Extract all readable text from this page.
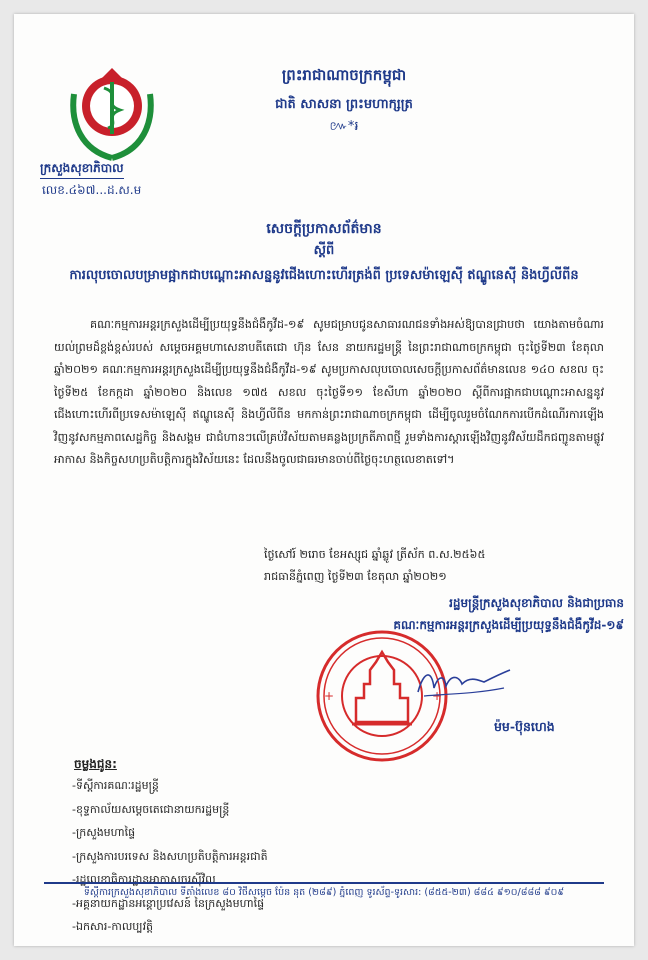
ក្រសួងសុខាភិបាល
លេខ.៤៦៧...ដ.ស.ម
ព្រះរាជាណាចក្រកម្ពុជា
ជាតិ សាសនា ព្រះមហាក្សត្រ
៚*៛
សេចក្តីប្រកាសព័ត៌មាន
ស្តីពី
ការលុបចោលបម្រាមផ្អាកជាបណ្ដោះអាសន្ននូវជើងហោះហើរត្រង់ពី ប្រទេសម៉ាឡេស៊ី ឥណ្ឌូនេស៊ី និងហ្វីលីពីន
គណៈកម្មការអន្តរក្រសួងដើម្បីប្រយុទ្ធនឹងជំងឺកូវីដ-១៩ សូមជម្រាបជូនសាធារណជនទាំងអស់ឱ្យបានជ្រាបថា យោងតាមចំណារយល់ព្រមដ៏ខ្ពង់ខ្ពស់របស់ សម្ដេចអគ្គមហាសេនាបតីតេជោ ហ៊ុន សែន នាយករដ្ឋមន្ត្រី នៃព្រះរាជាណាចក្រកម្ពុជា ចុះថ្ងៃទី២៣ ខែតុលា ឆ្នាំ២០២១ គណៈកម្មការអន្តរក្រសួងដើម្បីប្រយុទ្ធនឹងជំងឺកូវីដ-១៩ សូមប្រកាសលុបចោលសេចក្តីប្រកាសព័ត៌មានលេខ ១៤០ សខល ចុះថ្ងៃទី២៥ ខែកក្កដា ឆ្នាំ២០២០ និងលេខ ១៧៥ សខល ចុះថ្ងៃទី១១ ខែសីហា ឆ្នាំ២០២០ ស្តីពីការផ្អាកជាបណ្ដោះអាសន្ននូវជើងហោះហើរពីប្រទេសម៉ាឡេស៊ី ឥណ្ឌូនេស៊ី និងហ្វីលីពីន មកកាន់ព្រះរាជាណាចក្រកម្ពុជា ដើម្បីចូលរួមចំណែកការបើកដំណើរការឡើងវិញនូវសកម្មភាពសេដ្ឋកិច្ច និងសង្គម ជាជំហានៗលើគ្រប់វិស័យតាមគន្លងប្រក្រតីភាពថ្មី រួមទាំងការស្តារឡើងវិញនូវវិស័យដឹកជញ្ជូនតាមផ្លូវអាកាស និងកិច្ចសហប្រតិបត្តិការក្នុងវិស័យនេះ ដែលនឹងចូលជាធរមានចាប់ពីថ្ងៃចុះហត្ថលេខាតទៅ។
ថ្ងៃសៅរ៍ ២រោច ខែអស្សុជ ឆ្នាំឆ្លូវ ត្រីស័ក ព.ស.២៥៦៥
រាជធានីភ្នំពេញ ថ្ងៃទី២៣ ខែតុលា ឆ្នាំ២០២១
រដ្ឋមន្ត្រីក្រសួងសុខាភិបាល និងជាប្រធាន
គណៈកម្មការអន្តរក្រសួងដើម្បីប្រយុទ្ធនឹងជំងឺកូវីដ-១៩
+	+
ម៉ម-ប៊ុនហេង
ចម្លងជូន:
-ទីស្តីការគណៈរដ្ឋមន្ត្រី
-ខុទ្ទកាល័យសម្ដេចតេជោនាយករដ្ឋមន្ត្រី
-ក្រសួងមហាផ្ទៃ
-ក្រសួងការបរទេស និងសហប្រតិបត្តិការអន្តរជាតិ
-រដ្ឋលេខាធិការដ្ឋានអាកាសចរស៊ីវិល
-អគ្គនាយកដ្ឋានអន្តោប្រវេសន៍ នៃក្រសួងមហាផ្ទៃ
-ឯកសារ-កាលប្បវត្តិ
ទីស្តីការក្រសួងសុខាភិបាល ទីតាំងលេខ ៨០ វិថីសម្ដេច ប៉ែន នុត (២៨៩) ភ្នំពេញ ទូរស័ព្ទ-ទូរសារ: (៨៥៥-២៣) ៨៨៤ ៩១០/៨៨៨ ៩០៩
